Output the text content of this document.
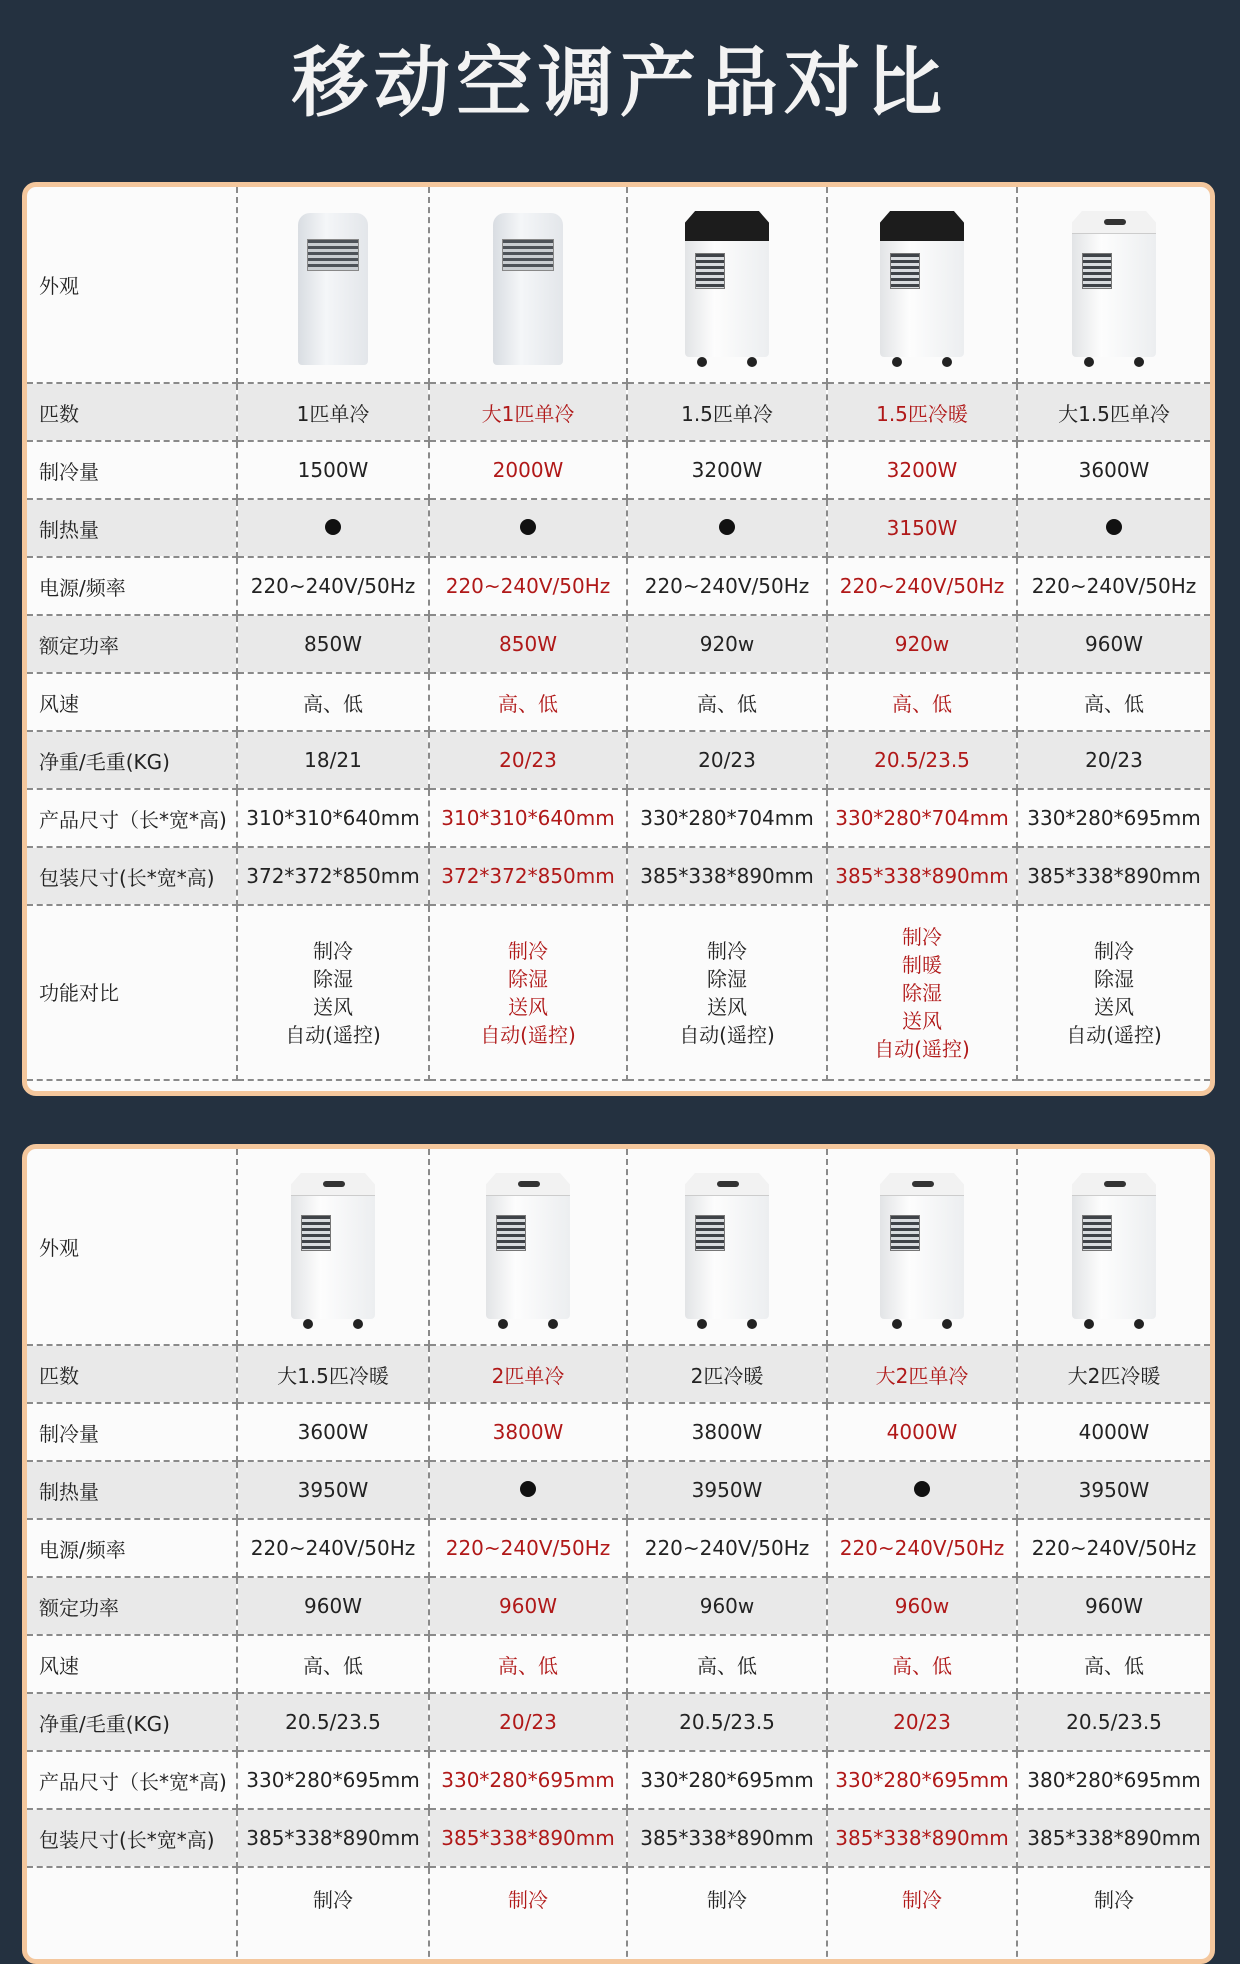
移动空调产品对比
外观	

匹数	1匹单冷	大1匹单冷	1.5匹单冷	1.5匹冷暖	大1.5匹单冷
制冷量	1500W	2000W	3200W	3200W	3600W
制热量				3150W	
电源/频率	220~240V/50Hz	220~240V/50Hz	220~240V/50Hz	220~240V/50Hz	220~240V/50Hz
额定功率	850W	850W	920w	920w	960W
风速	高、低	高、低	高、低	高、低	高、低
净重/毛重(KG)	18/21	20/23	20/23	20.5/23.5	20/23
产品尺寸（长*宽*高)	310*310*640mm	310*310*640mm	330*280*704mm	330*280*704mm	330*280*695mm
包装尺寸(长*宽*高)	372*372*850mm	372*372*850mm	385*338*890mm	385*338*890mm	385*338*890mm
功能对比	制冷
除湿
送风
自动(遥控)	制冷
除湿
送风
自动(遥控)	制冷
除湿
送风
自动(遥控)	制冷
制暖
除湿
送风
自动(遥控)	制冷
除湿
送风
自动(遥控)
外观	

匹数	大1.5匹冷暖	2匹单冷	2匹冷暖	大2匹单冷	大2匹冷暖
制冷量	3600W	3800W	3800W	4000W	4000W
制热量	3950W		3950W		3950W
电源/频率	220~240V/50Hz	220~240V/50Hz	220~240V/50Hz	220~240V/50Hz	220~240V/50Hz
额定功率	960W	960W	960w	960w	960W
风速	高、低	高、低	高、低	高、低	高、低
净重/毛重(KG)	20.5/23.5	20/23	20.5/23.5	20/23	20.5/23.5
产品尺寸（长*宽*高)	330*280*695mm	330*280*695mm	330*280*695mm	330*280*695mm	380*280*695mm
包装尺寸(长*宽*高)	385*338*890mm	385*338*890mm	385*338*890mm	385*338*890mm	385*338*890mm

	制冷	制冷	制冷	制冷	制冷
